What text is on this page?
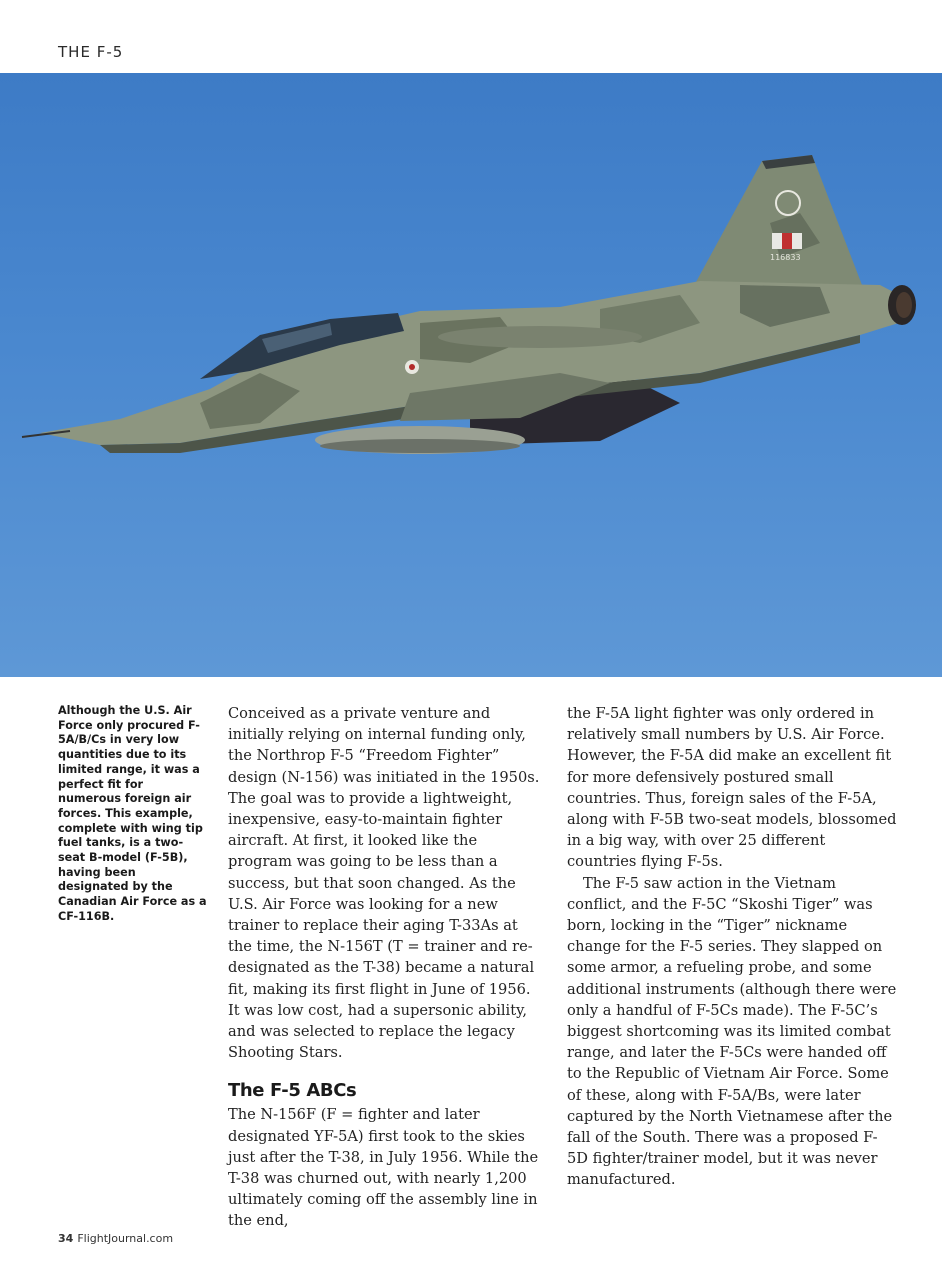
THE F-5
116833
Although the U.S. Air Force only procured F-5A/B/Cs in very low quantities due to its limited range, it was a perfect fit for numerous foreign air forces. This example, complete with wing tip fuel tanks, is a two-seat B-model (F-5B), having been designated by the Canadian Air Force as a CF-116B.

Conceived as a private venture and initially relying on internal funding only, the Northrop F-5 “Freedom Fighter” design (N-156) was initiated in the 1950s. The goal was to provide a lightweight, inexpensive, easy-to-maintain fighter aircraft. At first, it looked like the program was going to be less than a success, but that soon changed. As the U.S. Air Force was looking for a new trainer to replace their aging T-33As at the time, the N-156T (T = trainer and re-designated as the T-38) became a natural fit, making its first flight in June of 1956. It was low cost, had a supersonic ability, and was selected to replace the legacy Shooting Stars.

The F-5 ABCs

The N-156F (F = fighter and later designated YF-5A) first took to the skies just after the T-38, in July 1956. While the T-38 was churned out, with nearly 1,200 ultimately coming off the assembly line in the end,

the F-5A light fighter was only ordered in relatively small numbers by U.S. Air Force. However, the F-5A did make an excellent fit for more defensively postured small countries. Thus, foreign sales of the F-5A, along with F-5B two-seat models, blossomed in a big way, with over 25 different countries flying F-5s.

The F-5 saw action in the Vietnam conflict, and the F-5C “Skoshi Tiger” was born, locking in the “Tiger” nickname change for the F-5 series. They slapped on some armor, a refueling probe, and some additional instruments (although there were only a handful of F-5Cs made). The F-5C’s biggest shortcoming was its limited combat range, and later the F-5Cs were handed off to the Republic of Vietnam Air Force. Some of these, along with F-5A/Bs, were later captured by the North Vietnamese after the fall of the South. There was a proposed F-5D fighter/trainer model, but it was never manufactured.

34 FlightJournal.com
